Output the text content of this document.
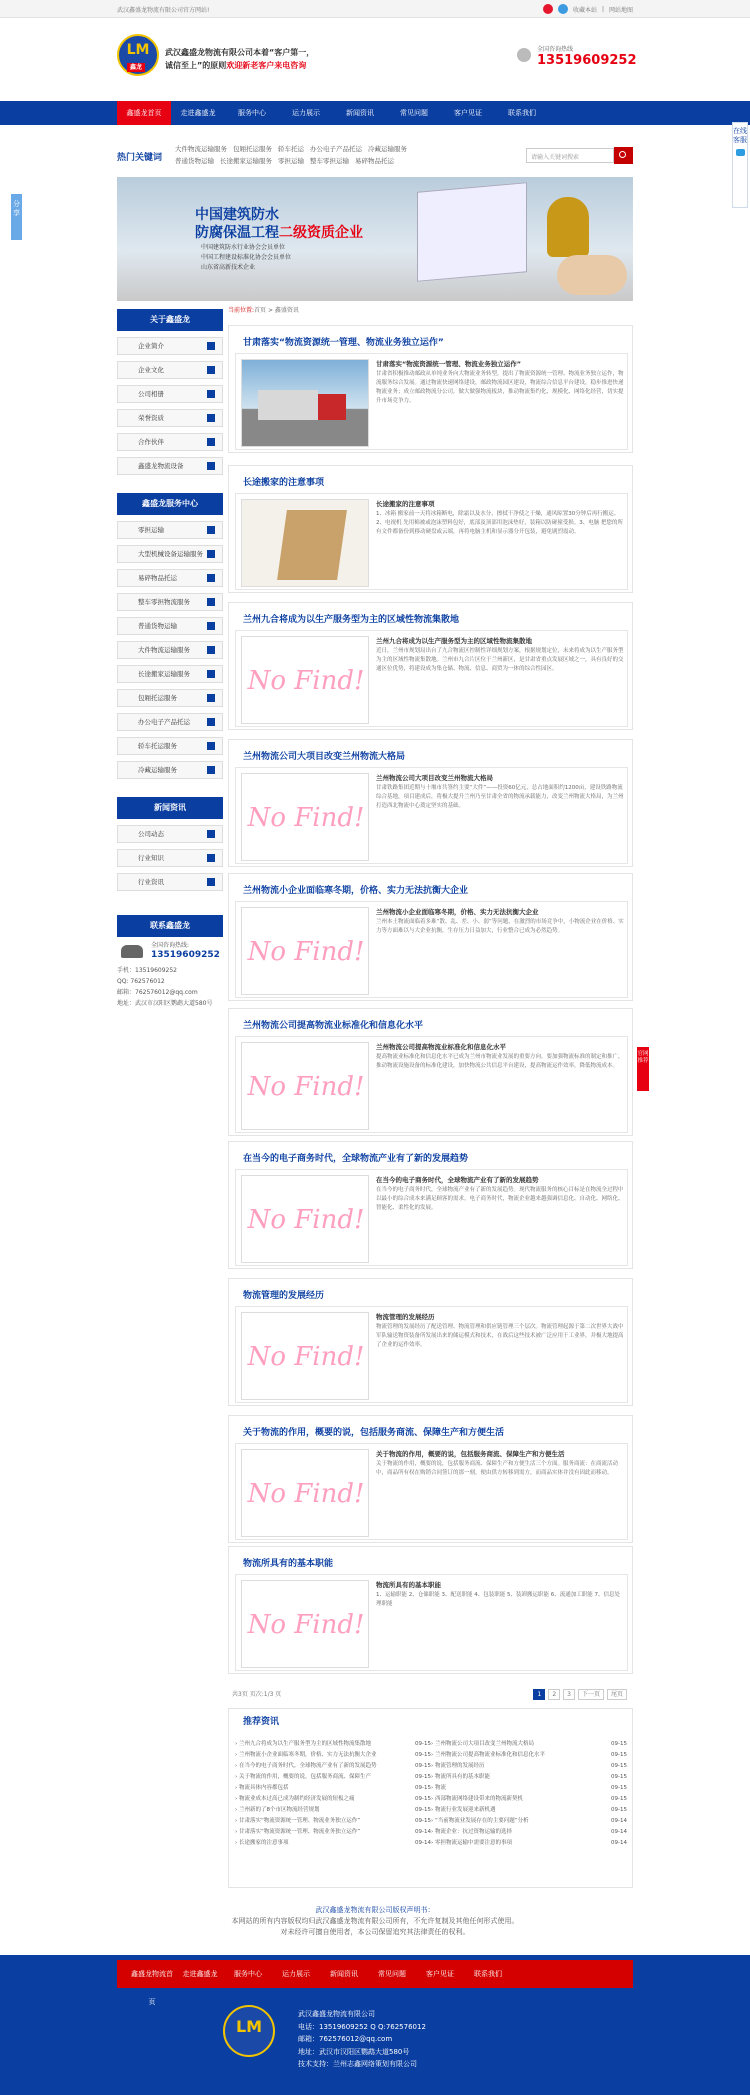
武汉鑫盛龙物流有限公司官方网站!	收藏本站 | 网站地图
LM
鑫龙
武汉鑫盛龙物流有限公司本着“客户第一，
诚信至上”的原则欢迎新老客户来电咨询
全国咨询热线
13519609252
鑫盛龙首页	走进鑫盛龙	服务中心	运力展示	新闻资讯	常见问题	客户见证	联系我们
热门关键词
大件物流运输服务 包厢托运服务 轿车托运 办公电子产品托运 冷藏运输服务
普通货物运输 长途搬家运输服务 零担运输 整车零担运输 易碎物品托运	请输入关键词搜索
中国建筑防水
防腐保温工程二级资质企业
中国建筑防水行业协会会员单位
中国工程建设标准化协会会员单位
山东省高新技术企业
当前位置:首页 > 鑫盛资讯
关于鑫盛龙
企业简介
企业文化
公司相册
荣誉资质
合作伙伴
鑫盛龙物流设备
鑫盛龙服务中心
零担运输
大型机械设备运输服务
易碎物品托运
整车零担物流服务
普通货物运输
大件物流运输服务
长途搬家运输服务
包厢托运服务
办公电子产品托运
轿车托运服务
冷藏运输服务
新闻资讯
公司动态
行业知识
行业资讯
联系鑫盛龙
全国咨询热线:
13519609252
手机：13519609252
QQ: 762576012
邮箱：762576012@qq.com
地址：武汉市汉阳区鹦鹉大道580号
甘肃落实“物流资源统一管理、物流业务独立运作”
甘肃落实“物流资源统一管理、物流业务独立运作”
甘肃省积极推动邮政从单纯业务向大物流业务转型，提出了物流资源统一管理、物流业务独立运作，物流服务综合发展。通过物流快速网络建设，邮政物流园区建设，物流综合信息平台建设，稳步推进快递物流业务；成立邮政物流分公司，做大做强物流板块，推动物流集约化、规模化、网络化经营，切实提升市场竞争力。
长途搬家的注意事项
长途搬家的注意事项
1、冰箱 搬家前一天将冰箱断电，除霜以及水分，擦拭干净使之干燥，通风晾置30分钟后再行搬运。2、电视机 先用棉被或泡沫塑料包好，底部及顶部用泡沫垫好，装箱以防碰撞受损。3、电脑 把您的所有文件都备份到移动硬盘或云端，再将电脑主机和显示器分开包装，避免剧烈震动。
兰州九合将成为以生产服务型为主的区域性物流集散地
No Find!
兰州九合将成为以生产服务型为主的区域性物流集散地
近日，兰州市规划局出台了九合物流区控制性详细规划方案，根据规划定位，未来将成为以生产服务型为主的区域性物流集散地。兰州市九合片区位于兰州新区，是甘肃省重点发展区域之一，具有良好的交通区位优势，将建设成为集仓储、物流、信息、商贸为一体的综合性园区。
兰州物流公司大项目改变兰州物流大格局
No Find!
兰州物流公司大项目改变兰州物流大格局
甘肃铁路集团近期与十堰市共签约主要“大件”——投资60亿元，总占地面积约1200亩，建设铁路物流综合基地，项目建成后，将极大提升兰州乃至甘肃全省的物流承载能力，改变兰州物流大格局，为兰州打造西北物流中心奠定坚实的基础。
兰州物流小企业面临寒冬期，价格、实力无法抗衡大企业
No Find!
兰州物流小企业面临寒冬期，价格、实力无法抗衡大企业
兰州本土物流面临着多难“散、乱、差、小、弱”等问题，在激烈的市场竞争中，小物流企业在价格、实力等方面难以与大企业抗衡，生存压力日益加大，行业整合已成为必然趋势。
兰州物流公司提高物流业标准化和信息化水平
No Find!
兰州物流公司提高物流业标准化和信息化水平
提高物流业标准化和信息化水平已成为兰州市物流业发展的重要方向。要加强物流标准的制定和推广，推动物流设施设备的标准化建设，加快物流公共信息平台建设，提高物流运作效率，降低物流成本。
在当今的电子商务时代，全球物流产业有了新的发展趋势
No Find!
在当今的电子商务时代，全球物流产业有了新的发展趋势
在当今的电子商务时代，全球物流产业有了新的发展趋势。现代物流服务的核心目标是在物流全过程中以最小的综合成本来满足顾客的需求。电子商务时代，物流企业越来越强调信息化、自动化、网络化、智能化、柔性化的发展。
物流管理的发展经历
No Find!
物流管理的发展经历
物流管理的发展经历了配送管理、物流管理和供应链管理三个层次。物流管理起源于第二次世界大战中军队输送物资装备所发展出来的储运模式和技术，在战后这些技术被广泛应用于工业界，并极大地提高了企业的运作效率。
关于物流的作用，概要的说，包括服务商流、保障生产和方便生活
No Find!
关于物流的作用，概要的说，包括服务商流、保障生产和方便生活
关于物流的作用，概要的说，包括服务商流、保障生产和方便生活三个方面。服务商流：在商流活动中，商品所有权在购销合同签订的那一刻，便由供方转移到需方，而商品实体并没有因此而移动。
物流所具有的基本职能
No Find!
物流所具有的基本职能
1、运输职能 2、仓储职能 3、配送职能 4、包装职能 5、装卸搬运职能 6、流通加工职能 7、信息处理职能
共3页 页次:1/3 页	1	2	3	下一页	尾页
推荐资讯
› 兰州九合将成为以生产服务型为主的区域性物流集散地	09-15
› 兰州物流小企业面临寒冬期，价格、实力无法抗衡大企业	09-15
› 在当今的电子商务时代，全球物流产业有了新的发展趋势	09-15
› 关于物流的作用，概要的说，包括服务商流、保障生产	09-15
› 物流具体内容都包括	09-15
› 物流业成本过高已成为制约经济发展的短板之痛	09-15
› 兰州新的了8个市区物流经营规划	09-15
› 甘肃落实“物流资源统一管理、物流业务独立运作”	09-15
› 甘肃落实“物流资源统一管理、物流业务独立运作”	09-14
› 长途搬家的注意事项	09-14
› 兰州物流公司大项目改变兰州物流大格局	09-15
› 兰州物流公司提高物流业标准化和信息化水平	09-15
› 物流管理的发展经历	09-15
› 物流所具有的基本职能	09-15
› 物流	09-15
› 西部物流网络建设带来的物流新契机	09-15
› 物流行业发展迎来新机遇	09-15
› “当前物流业发展存在的主要问题”分析	09-14
› 物流企业：抗过资物运输的选择	09-14
› 零担物流运输中需要注意的事项	09-14
武汉鑫盛龙物流有限公司版权声明书：
本网站的所有内容版权均归武汉鑫盛龙物流有限公司所有，不允许复制及其他任何形式使用。
对未经许可擅自使用者，本公司保留追究其法律责任的权利。
鑫盛龙物流首页
走进鑫盛龙	服务中心	运力展示	新闻资讯	常见问题	客户见证	联系我们
LM
武汉鑫盛龙物流有限公司
电话：13519609252 Q Q:762576012
邮箱：762576012@qq.com
地址：武汉市汉阳区鹦鹉大道580号
技术支持：兰州志鑫网络策划有限公司
在线客服
分享
官网推荐
